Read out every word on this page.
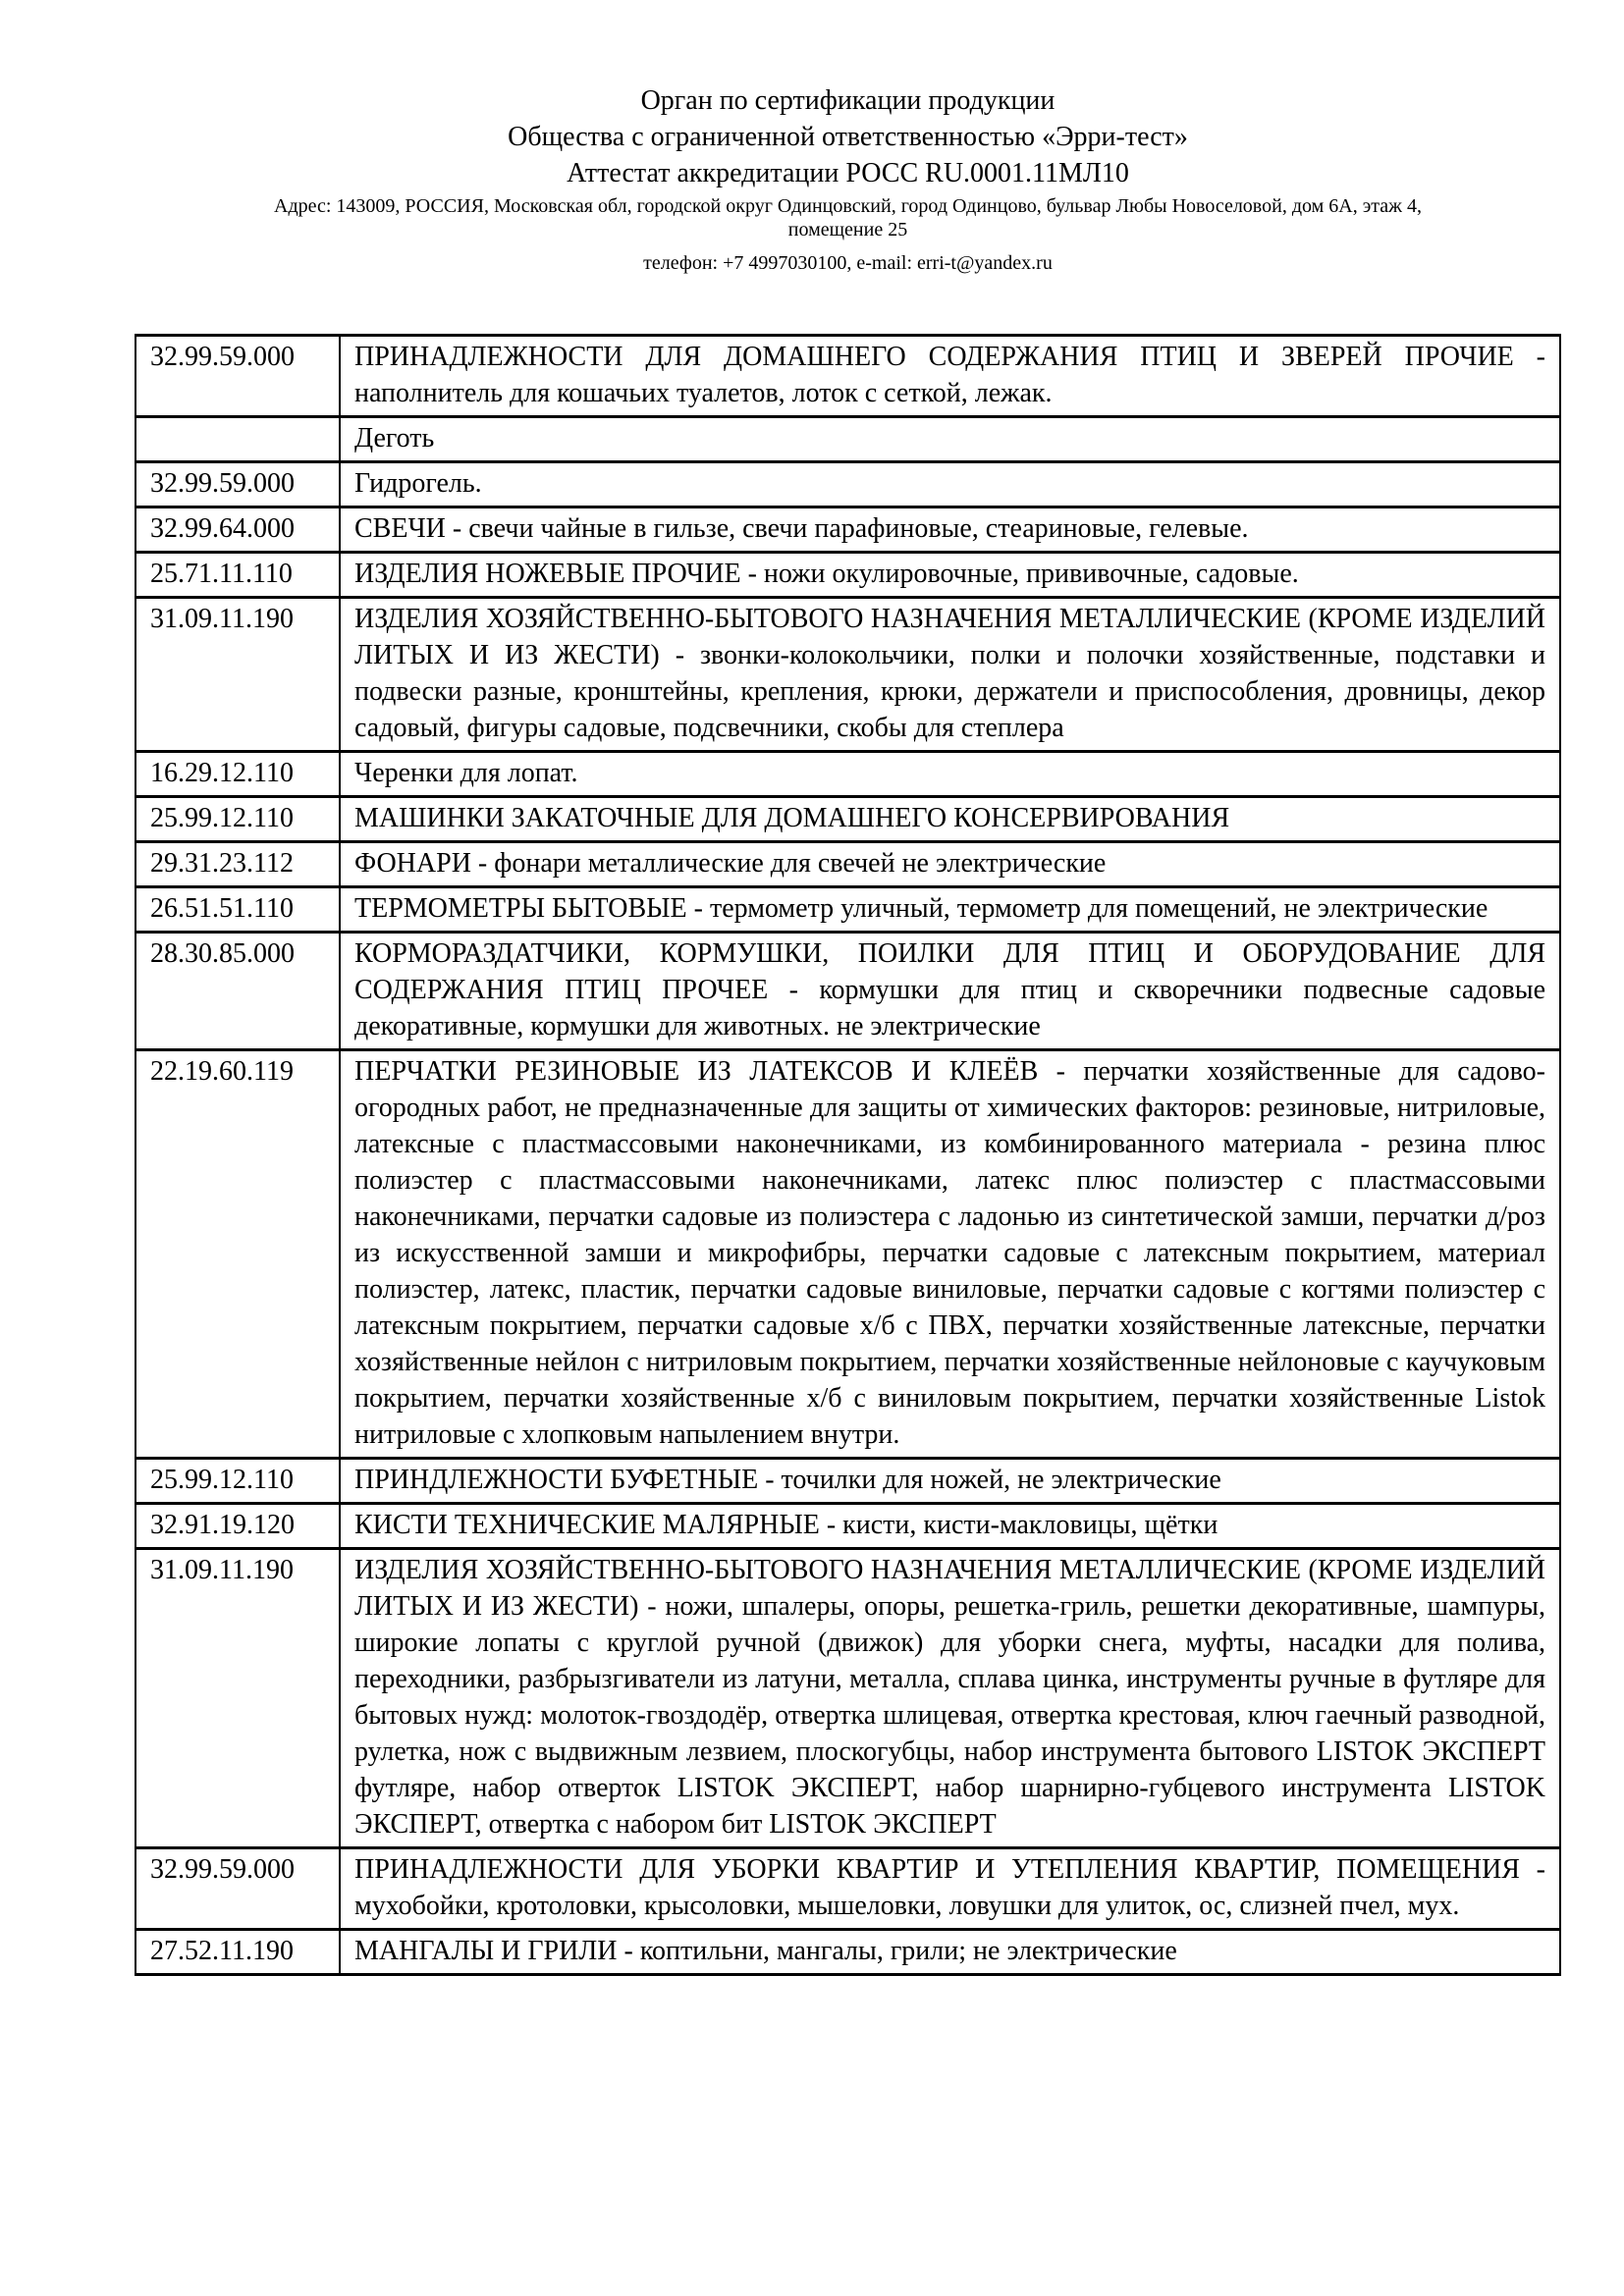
Орган по сертификации продукции
Общества с ограниченной ответственностью «Эрри-тест»
Аттестат аккредитации РОСС RU.0001.11МЛ10
Адрес: 143009, РОССИЯ, Московская обл, городской округ Одинцовский, город Одинцово, бульвар Любы Новоселовой, дом 6А, этаж 4,
помещение 25
телефон: +7 4997030100, e-mail: erri-t@yandex.ru
32.99.59.000	ПРИНАДЛЕЖНОСТИ ДЛЯ ДОМАШНЕГО СОДЕРЖАНИЯ ПТИЦ И ЗВЕРЕЙ ПРОЧИЕ - наполнитель для кошачьих туалетов, лоток с сеткой, лежак.
	Деготь
32.99.59.000	Гидрогель.
32.99.64.000	СВЕЧИ - свечи чайные в гильзе, свечи парафиновые, стеариновые, гелевые.
25.71.11.110	ИЗДЕЛИЯ НОЖЕВЫЕ ПРОЧИЕ - ножи окулировочные, прививочные, садовые.
31.09.11.190	ИЗДЕЛИЯ ХОЗЯЙСТВЕННО-БЫТОВОГО НАЗНАЧЕНИЯ МЕТАЛЛИЧЕСКИЕ (КРОМЕ ИЗДЕЛИЙ ЛИТЫХ И ИЗ ЖЕСТИ) - звонки-колокольчики, полки и полочки хозяйственные, подставки и подвески разные, кронштейны, крепления, крюки, держатели и приспособления, дровницы, декор садовый, фигуры садовые, подсвечники, скобы для степлера
16.29.12.110	Черенки для лопат.
25.99.12.110	МАШИНКИ ЗАКАТОЧНЫЕ ДЛЯ ДОМАШНЕГО КОНСЕРВИРОВАНИЯ
29.31.23.112	ФОНАРИ - фонари металлические для свечей не электрические
26.51.51.110	ТЕРМОМЕТРЫ БЫТОВЫЕ - термометр уличный, термометр для помещений, не электрические
28.30.85.000	КОРМОРАЗДАТЧИКИ, КОРМУШКИ, ПОИЛКИ ДЛЯ ПТИЦ И ОБОРУДОВАНИЕ ДЛЯ СОДЕРЖАНИЯ ПТИЦ ПРОЧЕЕ - кормушки для птиц и скворечники подвесные садовые декоративные, кормушки для животных. не электрические
22.19.60.119	ПЕРЧАТКИ РЕЗИНОВЫЕ ИЗ ЛАТЕКСОВ И КЛЕЁВ - перчатки хозяйственные для садово-огородных работ, не предназначенные для защиты от химических факторов: резиновые, нитриловые, латексные с пластмассовыми наконечниками, из комбинированного материала - резина плюс полиэстер с пластмассовыми наконечниками, латекс плюс полиэстер с пластмассовыми наконечниками, перчатки садовые из полиэстера с ладонью из синтетической замши, перчатки д/роз из искусственной замши и микрофибры, перчатки садовые с латексным покрытием, материал полиэстер, латекс, пластик, перчатки садовые виниловые, перчатки садовые с когтями полиэстер с латексным покрытием, перчатки садовые х/б с ПВХ, перчатки хозяйственные латексные, перчатки хозяйственные нейлон с нитриловым покрытием, перчатки хозяйственные нейлоновые с каучуковым покрытием, перчатки хозяйственные х/б с виниловым покрытием, перчатки хозяйственные Listok нитриловые с хлопковым напылением внутри.
25.99.12.110	ПРИНДЛЕЖНОСТИ БУФЕТНЫЕ - точилки для ножей, не электрические
32.91.19.120	КИСТИ ТЕХНИЧЕСКИЕ МАЛЯРНЫЕ - кисти, кисти-макловицы, щётки
31.09.11.190	ИЗДЕЛИЯ ХОЗЯЙСТВЕННО-БЫТОВОГО НАЗНАЧЕНИЯ МЕТАЛЛИЧЕСКИЕ (КРОМЕ ИЗДЕЛИЙ ЛИТЫХ И ИЗ ЖЕСТИ) - ножи, шпалеры, опоры, решетка-гриль, решетки декоративные, шампуры, широкие лопаты с круглой ручной (движок) для уборки снега, муфты, насадки для полива, переходники, разбрызгиватели из латуни, металла, сплава цинка, инструменты ручные в футляре для бытовых нужд: молоток-гвоздодёр, отвертка шлицевая, отвертка крестовая, ключ гаечный разводной, рулетка, нож с выдвижным лезвием, плоскогубцы, набор инструмента бытового LISTOK ЭКСПЕРТ футляре, набор отверток LISTOK ЭКСПЕРТ, набор шарнирно-губцевого инструмента LISTOK ЭКСПЕРТ, отвертка с набором бит LISTOK ЭКСПЕРТ
32.99.59.000	ПРИНАДЛЕЖНОСТИ ДЛЯ УБОРКИ КВАРТИР И УТЕПЛЕНИЯ КВАРТИР, ПОМЕЩЕНИЯ - мухобойки, кротоловки, крысоловки, мышеловки, ловушки для улиток, ос, слизней пчел, мух.
27.52.11.190	МАНГАЛЫ И ГРИЛИ - коптильни, мангалы, грили; не электрические
